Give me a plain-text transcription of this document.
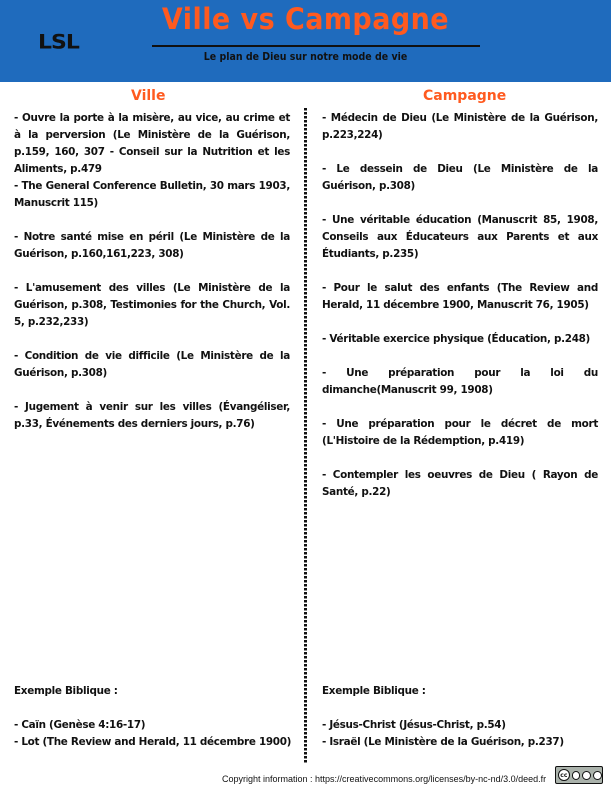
LSL
Ville vs Campagne
Le plan de Dieu sur notre mode de vie
Ville	Campagne

- Ouvre la porte à la misère, au vice, au crime et à la perversion (Le Ministère de la Guérison, p.159, 160, 307 - Conseil sur la Nutrition et les Aliments, p.479

- The General Conference Bulletin, 30 mars 1903, Manuscrit 115)

- Notre santé mise en péril (Le Ministère de la Guérison, p.160,161,223, 308)

- L'amusement des villes (Le Ministère de la Guérison, p.308, Testimonies for the Church, Vol. 5, p.232,233)

- Condition de vie difficile (Le Ministère de la Guérison, p.308)

- Jugement à venir sur les villes (Évangéliser, p.33, Événements des derniers jours, p.76)

- Médecin de Dieu (Le Ministère de la Guérison, p.223,224)

- Le dessein de Dieu (Le Ministère de la Guérison, p.308)

- Une véritable éducation (Manuscrit 85, 1908, Conseils aux Éducateurs aux Parents et aux Étudiants, p.235)

- Pour le salut des enfants (The Review and Herald, 11 décembre 1900, Manuscrit 76, 1905)

- Véritable exercice physique (Éducation, p.248)

- Une préparation pour la loi du dimanche(Manuscrit 99, 1908)

- Une préparation pour le décret de mort (L'Histoire de la Rédemption, p.419)

- Contempler les oeuvres de Dieu ( Rayon de Santé, p.22)

Exemple Biblique :
- Caïn (Genèse 4:16-17)
- Lot (The Review and Herald, 11 décembre 1900)
Exemple Biblique :
- Jésus-Christ (Jésus-Christ, p.54)
- Israël (Le Ministère de la Guérison, p.237)
Copyright information : https://creativecommons.org/licenses/by-nc-nd/3.0/deed.fr	cc
